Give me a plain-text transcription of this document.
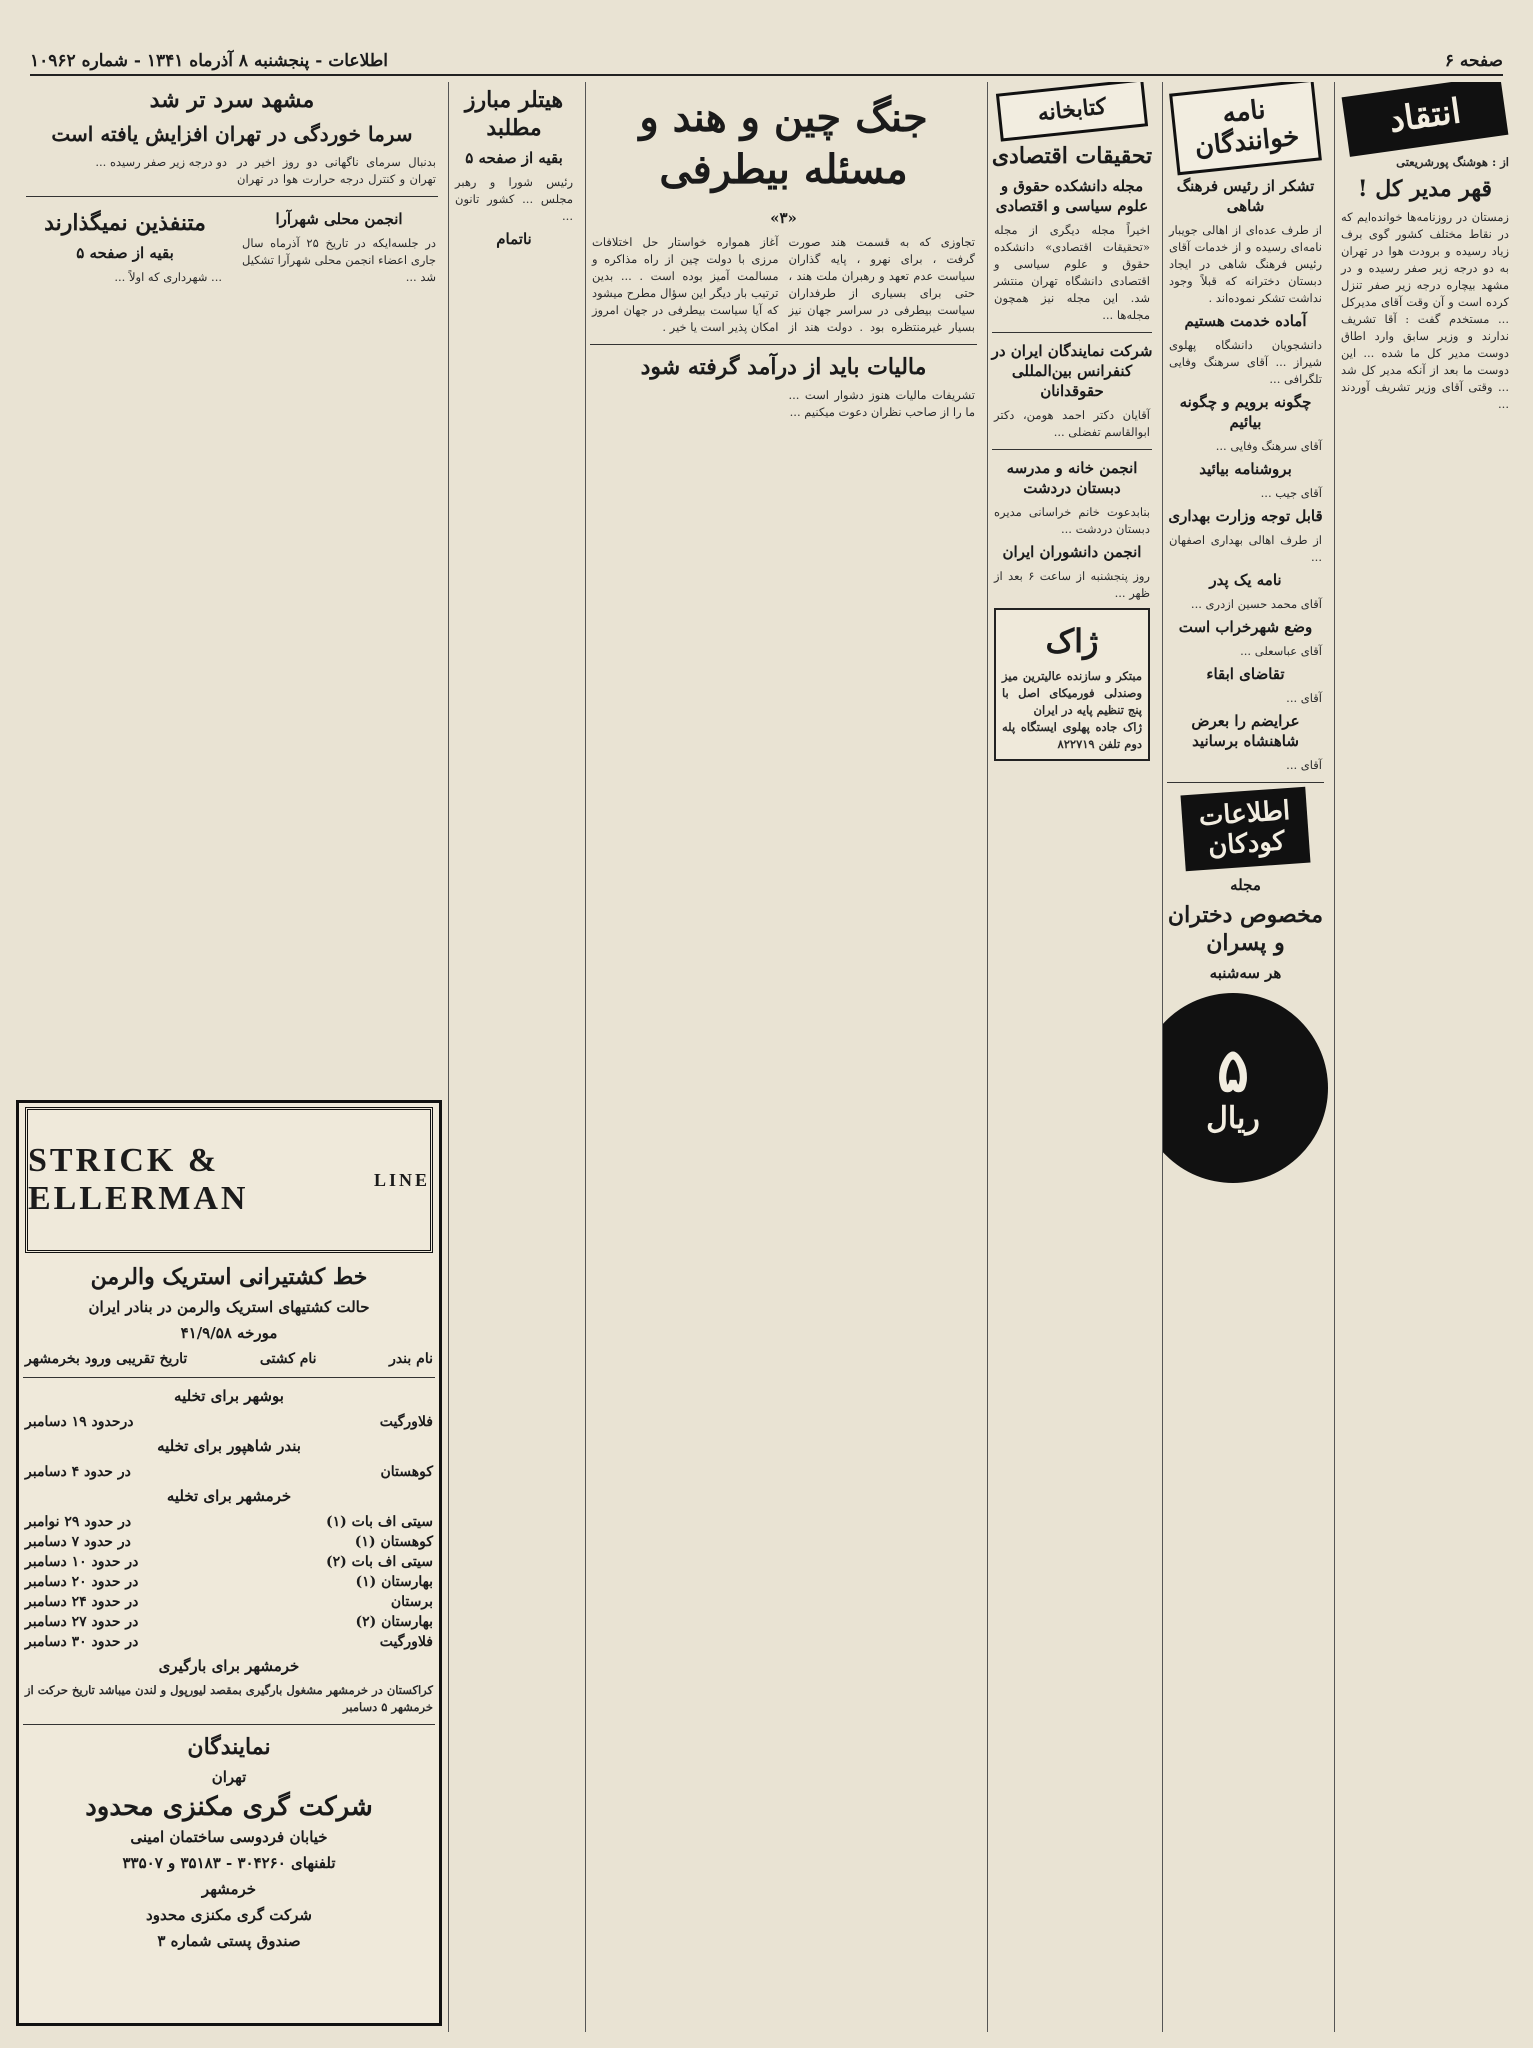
صفحه ۶
اطلاعات - پنجشنبه ۸ آذرماه ۱۳۴۱ - شماره ۱۰۹۶۲
انتقاد
از : هوشنگ پورشریعتی
قهر مدیر کل !
زمستان در روزنامه‌ها خوانده‌ایم که در نقاط مختلف کشور گوی برف زیاد رسیده و برودت هوا در تهران به دو درجه زیر صفر رسیده و در مشهد بیچاره درجه زیر صفر تنزل کرده است و آن وقت آقای مدیرکل ... مستخدم گفت : آقا تشریف ندارند و وزیر سابق وارد اطاق دوست مدیر کل ما شده ... این دوست ما بعد از آنکه مدیر کل شد ... وقتی آقای وزیر تشریف آوردند ...
نامه خوانندگان
تشکر از رئیس فرهنگ شاهی
از طرف عده‌ای از اهالی جویبار نامه‌ای رسیده و از خدمات آقای رئیس فرهنگ شاهی در ایجاد دبستان دخترانه که قبلاً وجود نداشت تشکر نموده‌اند .
آماده خدمت هستیم
دانشجویان دانشگاه پهلوی شیراز ... آقای سرهنگ وفایی تلگرافی ...
چگونه برویم و چگونه بیائیم
آقای سرهنگ وفایی ...
بروشنامه بیائید
آقای جیب ...
قابل توجه وزارت بهداری
از طرف اهالی بهداری اصفهان ...
نامه یک پدر
آقای محمد حسین ازدری ...
وضع شهرخراب است
آقای عباسعلی ...
تقاضای ابقاء
آقای ...
عرایضم را بعرض شاهنشاه برسانید
آقای ...
اطلاعات کودکان
مجله
مخصوص دختران و پسران
هر سه‌شنبه
۵
ریال
کتابخانه
تحقیقات اقتصادی
مجله دانشکده حقوق و علوم سیاسی و اقتصادی
اخیراً مجله دیگری از مجله «تحقیقات اقتصادی» دانشکده حقوق و علوم سیاسی و اقتصادی دانشگاه تهران منتشر شد. این مجله نیز همچون مجله‌ها ...
شرکت نمایندگان ایران در کنفرانس بین‌المللی حقوقدانان
آقایان دکتر احمد هومن، دکتر ابوالقاسم تفضلی ...
انجمن خانه و مدرسه دبستان دردشت
بنابدعوت خانم خراسانی مدیره دبستان دردشت ...
انجمن دانشوران ایران
روز پنجشنبه از ساعت ۶ بعد از ظهر ...
ژاک
مبتکر و سازنده عالیترین میز وصندلی فورمیکای اصل با پنج تنظیم پایه در ایران
ژاک جاده پهلوی ایستگاه پله دوم تلفن ۸۲۲۷۱۹
جنگ چین و هند و مسئله بیطرفی
«۳»
تجاوزی که به قسمت هند صورت گرفت ، برای نهرو ، پایه گذاران سیاست عدم تعهد و رهبران ملت هند ، حتی برای بسیاری از طرفداران سیاست بیطرفی در سراسر جهان نیز بسیار غیرمنتظره بود . دولت هند از آغاز همواره خواستار حل اختلافات مرزی با دولت چین از راه مذاکره و مسالمت آمیز بوده است . ... بدین ترتیب بار دیگر این سؤال مطرح میشود که آیا سیاست بیطرفی در جهان امروز امکان پذیر است یا خیر .
مالیات باید از درآمد گرفته شود
تشریفات مالیات هنوز دشوار است ... ما را از صاحب نظران دعوت میکنیم ...
هیتلر مبارز مطلبد
بقیه از صفحه ۵
رئیس شورا و رهبر مجلس ... کشور تانون ...
ناتمام
مشهد سرد تر شد
سرما خوردگی در تهران افزایش یافته است
بدنبال سرمای ناگهانی دو روز اخیر در تهران و کنترل درجه حرارت هوا در تهران دو درجه زیر صفر رسیده ...
انجمن محلی شهرآرا
در جلسه‌ایکه در تاریخ ۲۵ آذرماه سال جاری اعضاء انجمن محلی شهرآرا تشکیل شد ...
متنفذین نمیگذارند
بقیه از صفحه ۵
... شهرداری که اولاً ...
STRICK & ELLERMAN

LINE
خط کشتیرانی استریک والرمن
حالت کشتیهای استریک والرمن در بنادر ایران
مورخه ۴۱/۹/۵۸
نام بندر
نام کشتی
تاریخ تقریبی ورود بخرمشهر
بوشهر برای تخلیه
فلاورگیت
درحدود ۱۹ دسامبر
بندر شاهپور برای تخلیه
کوهستان
در حدود ۴ دسامبر
خرمشهر برای تخلیه
سیتی اف بات (۱)
در حدود ۲۹ نوامبر
کوهستان (۱)
در حدود ۷ دسامبر
سیتی اف بات (۲)
در حدود ۱۰ دسامبر
بهارستان (۱)
در حدود ۲۰ دسامبر
برستان
در حدود ۲۴ دسامبر
بهارستان (۲)
در حدود ۲۷ دسامبر
فلاورگیت
در حدود ۳۰ دسامبر
خرمشهر برای بارگیری
کراکستان در خرمشهر مشغول بارگیری بمقصد لیورپول و لندن میباشد تاریخ حرکت از خرمشهر ۵ دسامبر
نمایندگان
تهران
شرکت گری مکنزی محدود
خیابان فردوسی ساختمان امینی
تلفنهای ۳۰۴۲۶۰ - ۳۵۱۸۳ و ۳۳۵۰۷
خرمشهر
شرکت گری مکنزی محدود
صندوق پستی شماره ۳
